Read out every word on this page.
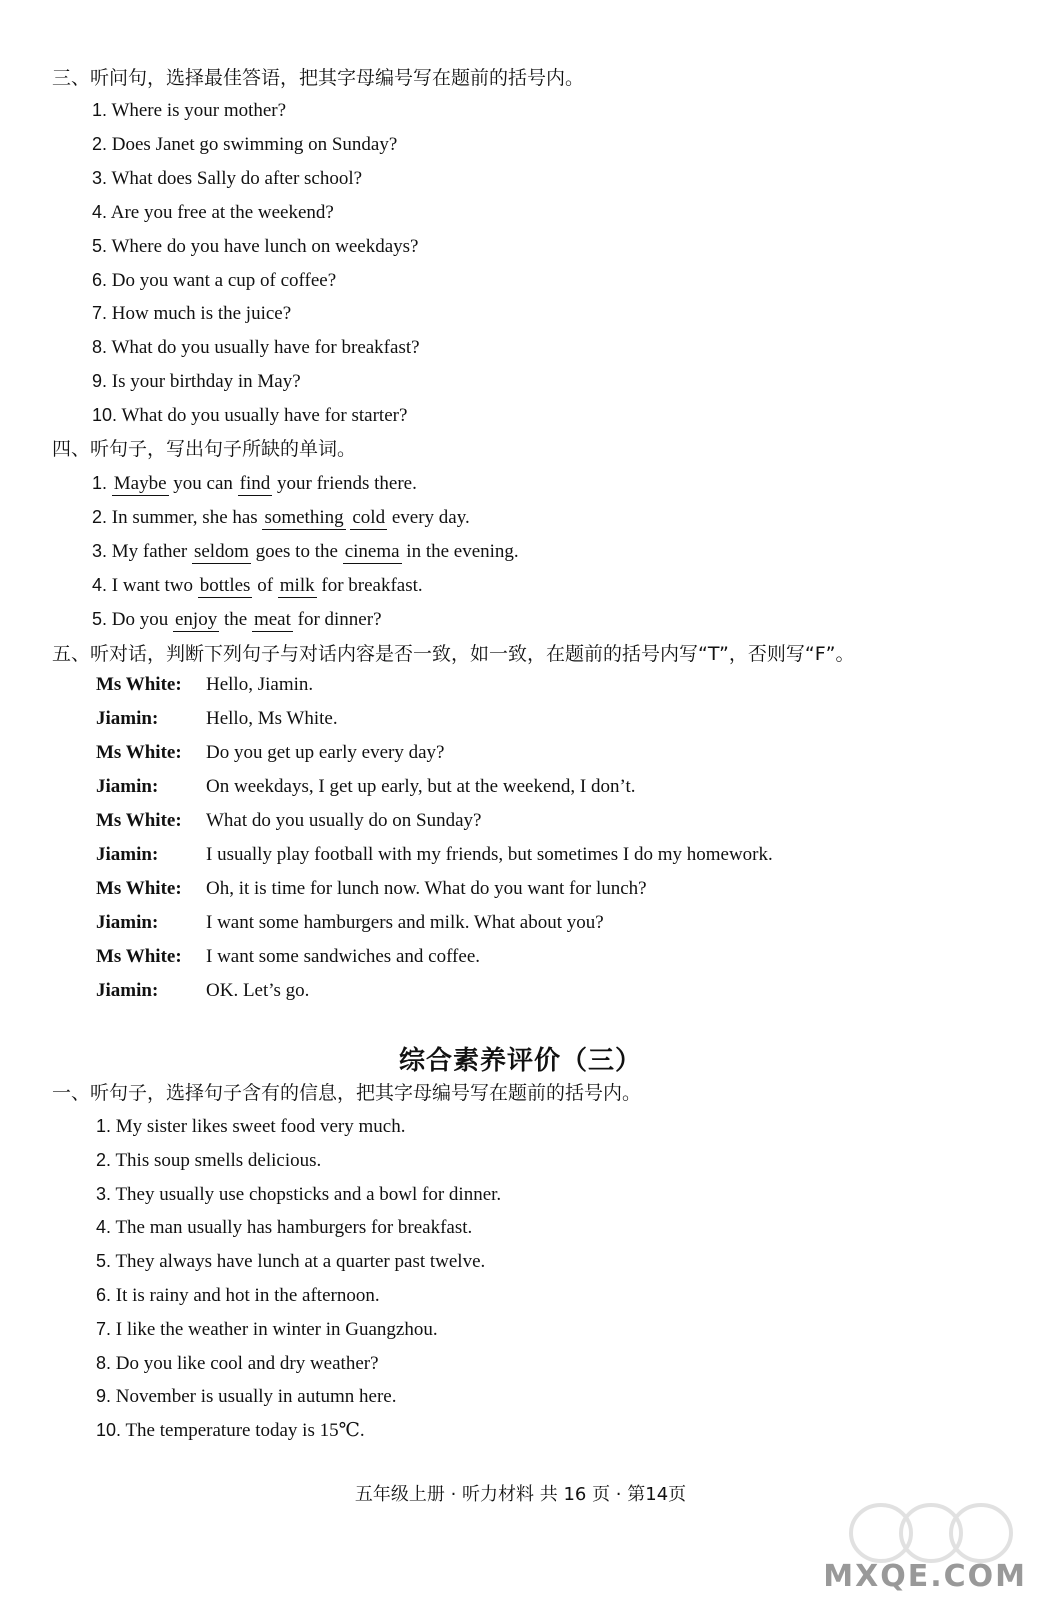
三、听问句，选择最佳答语，把其字母编号写在题前的括号内。
1. Where is your mother?
2. Does Janet go swimming on Sunday?
3. What does Sally do after school?
4. Are you free at the weekend?
5. Where do you have lunch on weekdays?
6. Do you want a cup of coffee?
7. How much is the juice?
8. What do you usually have for breakfast?
9. Is your birthday in May?
10. What do you usually have for starter?
四、听句子，写出句子所缺的单词。
1. Maybe you can find your friends there.
2. In summer, she has something cold every day.
3. My father seldom goes to the cinema in the evening.
4. I want two bottles of milk for breakfast.
5. Do you enjoy the meat for dinner?
五、听对话，判断下列句子与对话内容是否一致，如一致，在题前的括号内写“T”，否则写“F”。
Ms White: Hello, Jiamin.
Jiamin:	Hello, Ms White.
Ms White: Do you get up early every day?
Jiamin:	On weekdays, I get up early, but at the weekend, I don’t.
Ms White: What do you usually do on Sunday?
Jiamin:	I usually play football with my friends, but sometimes I do my homework.
Ms White: Oh, it is time for lunch now. What do you want for lunch?
Jiamin:	I want some hamburgers and milk. What about you?
Ms White: I want some sandwiches and coffee.
Jiamin:	OK. Let’s go.
综合素养评价（三）
一、听句子，选择句子含有的信息，把其字母编号写在题前的括号内。
1. My sister likes sweet food very much.
2. This soup smells delicious.
3. They usually use chopsticks and a bowl for dinner.
4. The man usually has hamburgers for breakfast.
5. They always have lunch at a quarter past twelve.
6. It is rainy and hot in the afternoon.
7. I like the weather in winter in Guangzhou.
8. Do you like cool and dry weather?
9. November is usually in autumn here.
10. The temperature today is 15℃.
五年级上册 · 听力材料 共 16 页 · 第14页
MXQE.COM
